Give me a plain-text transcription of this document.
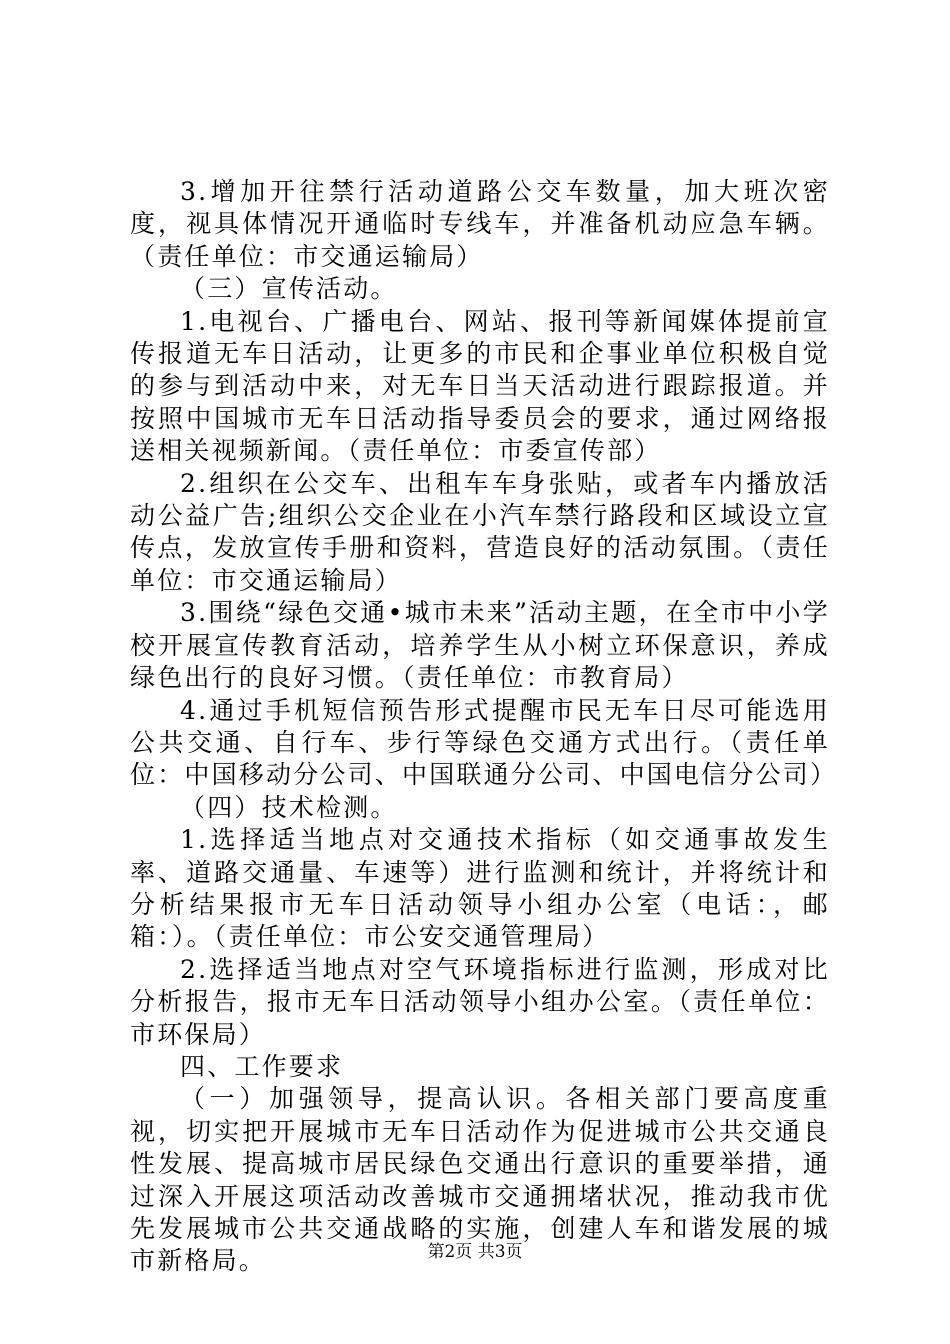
3.增加开往禁行活动道路公交车数量，加大班次密度，视具体情况开通临时专线车，并准备机动应急车辆。（责任单位：市交通运输局）

（三）宣传活动。

1.电视台、广播电台、网站、报刊等新闻媒体提前宣传报道无车日活动，让更多的市民和企事业单位积极自觉的参与到活动中来，对无车日当天活动进行跟踪报道。并按照中国城市无车日活动指导委员会的要求，通过网络报送相关视频新闻。（责任单位：市委宣传部）

2.组织在公交车、出租车车身张贴，或者车内播放活动公益广告;组织公交企业在小汽车禁行路段和区域设立宣传点，发放宣传手册和资料，营造良好的活动氛围。（责任单位：市交通运输局）

3.围绕“绿色交通•城市未来”活动主题，在全市中小学校开展宣传教育活动，培养学生从小树立环保意识，养成绿色出行的良好习惯。（责任单位：市教育局）

4.通过手机短信预告形式提醒市民无车日尽可能选用公共交通、自行车、步行等绿色交通方式出行。（责任单位：中国移动分公司、中国联通分公司、中国电信分公司）

（四）技术检测。

1.选择适当地点对交通技术指标（如交通事故发生率、道路交通量、车速等）进行监测和统计，并将统计和分析结果报市无车日活动领导小组办公室（电话：，邮箱：）。（责任单位：市公安交通管理局）

2.选择适当地点对空气环境指标进行监测，形成对比分析报告，报市无车日活动领导小组办公室。（责任单位：市环保局）

四、工作要求

（一）加强领导，提高认识。各相关部门要高度重视，切实把开展城市无车日活动作为促进城市公共交通良性发展、提高城市居民绿色交通出行意识的重要举措，通过深入开展这项活动改善城市交通拥堵状况，推动我市优先发展城市公共交通战略的实施，创建人车和谐发展的城市新格局。	第2页 共3页
